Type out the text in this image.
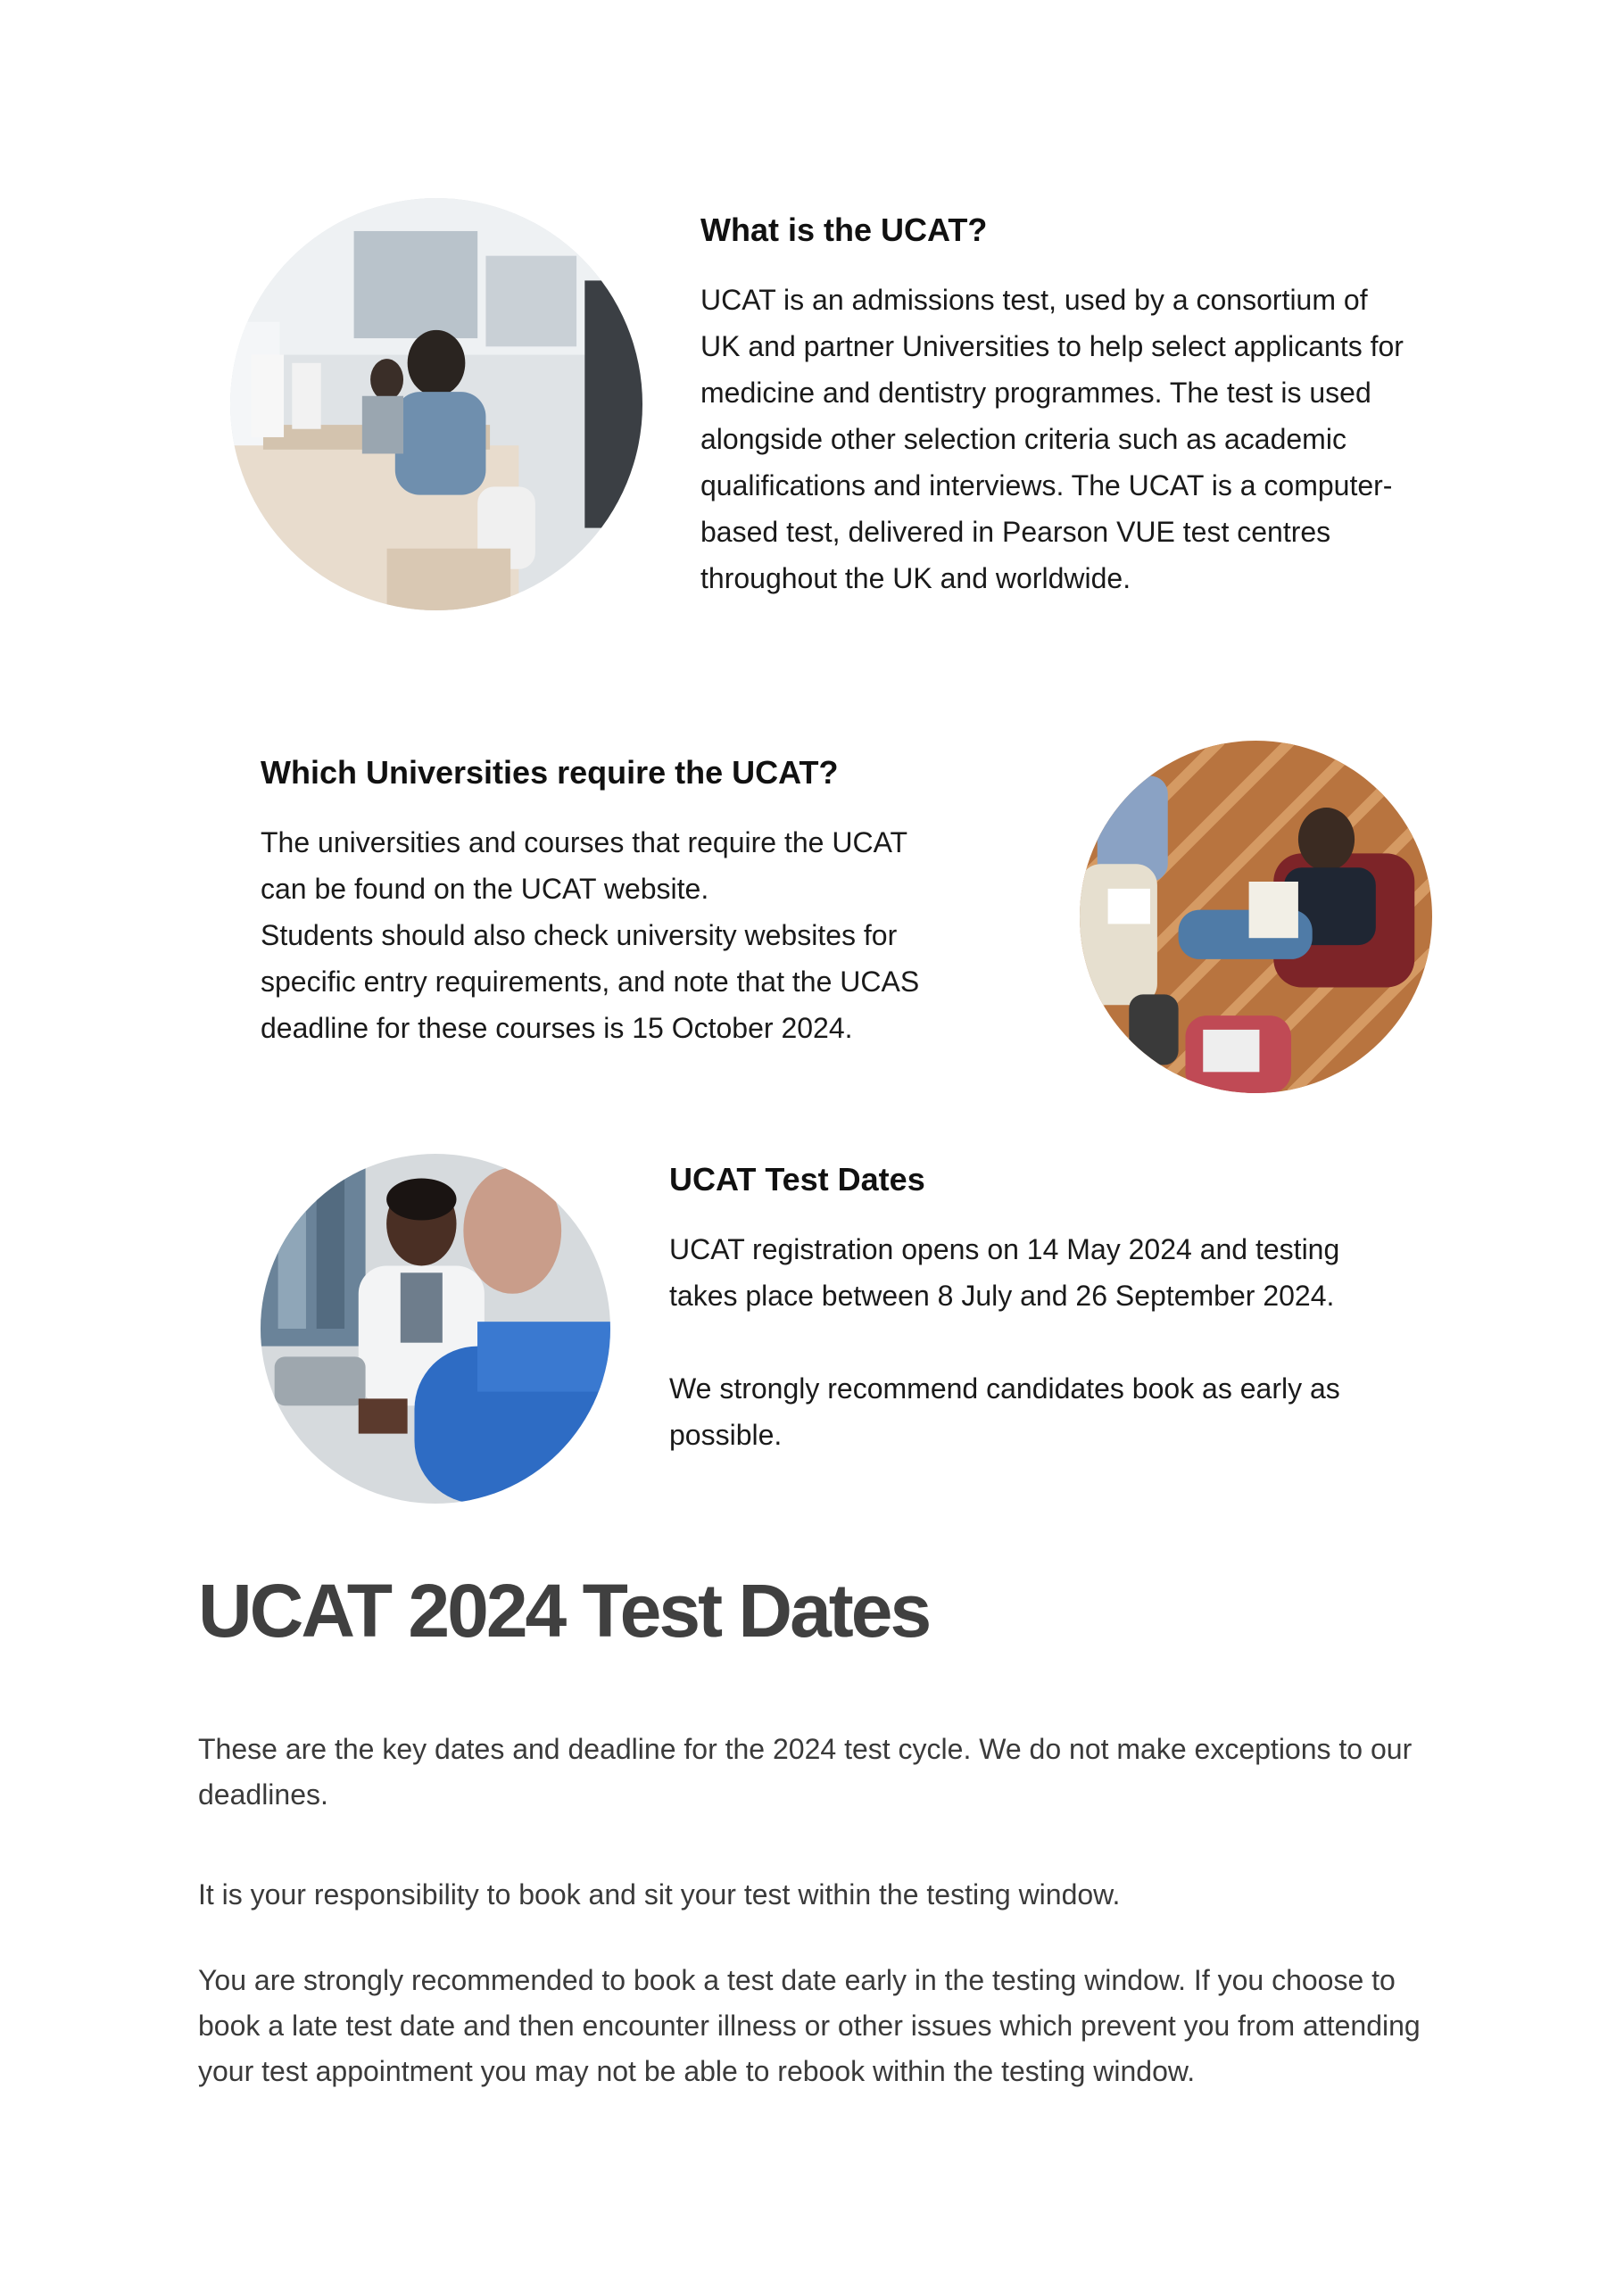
What is the UCAT?

UCAT is an admissions test, used by a consortium of UK and partner Universities to help select applicants for medicine and dentistry programmes. The test is used alongside other selection criteria such as academic qualifications and interviews. The UCAT is a computer-based test, delivered in Pearson VUE test centres throughout the UK and worldwide.

Which Universities require the UCAT?

The universities and courses that require the UCAT can be found on the UCAT website.

Students should also check university websites for specific entry requirements, and note that the UCAS deadline for these courses is 15 October 2024.

UCAT Test Dates

UCAT registration opens on 14 May 2024 and testing takes place between 8 July and 26 September 2024.

We strongly recommend candidates book as early as possible.

UCAT 2024 Test Dates

These are the key dates and deadline for the 2024 test cycle. We do not make exceptions to our deadlines.

It is your responsibility to book and sit your test within the testing window.

You are strongly recommended to book a test date early in the testing window. If you choose to book a late test date and then encounter illness or other issues which prevent you from attending your test appointment you may not be able to rebook within the testing window.
